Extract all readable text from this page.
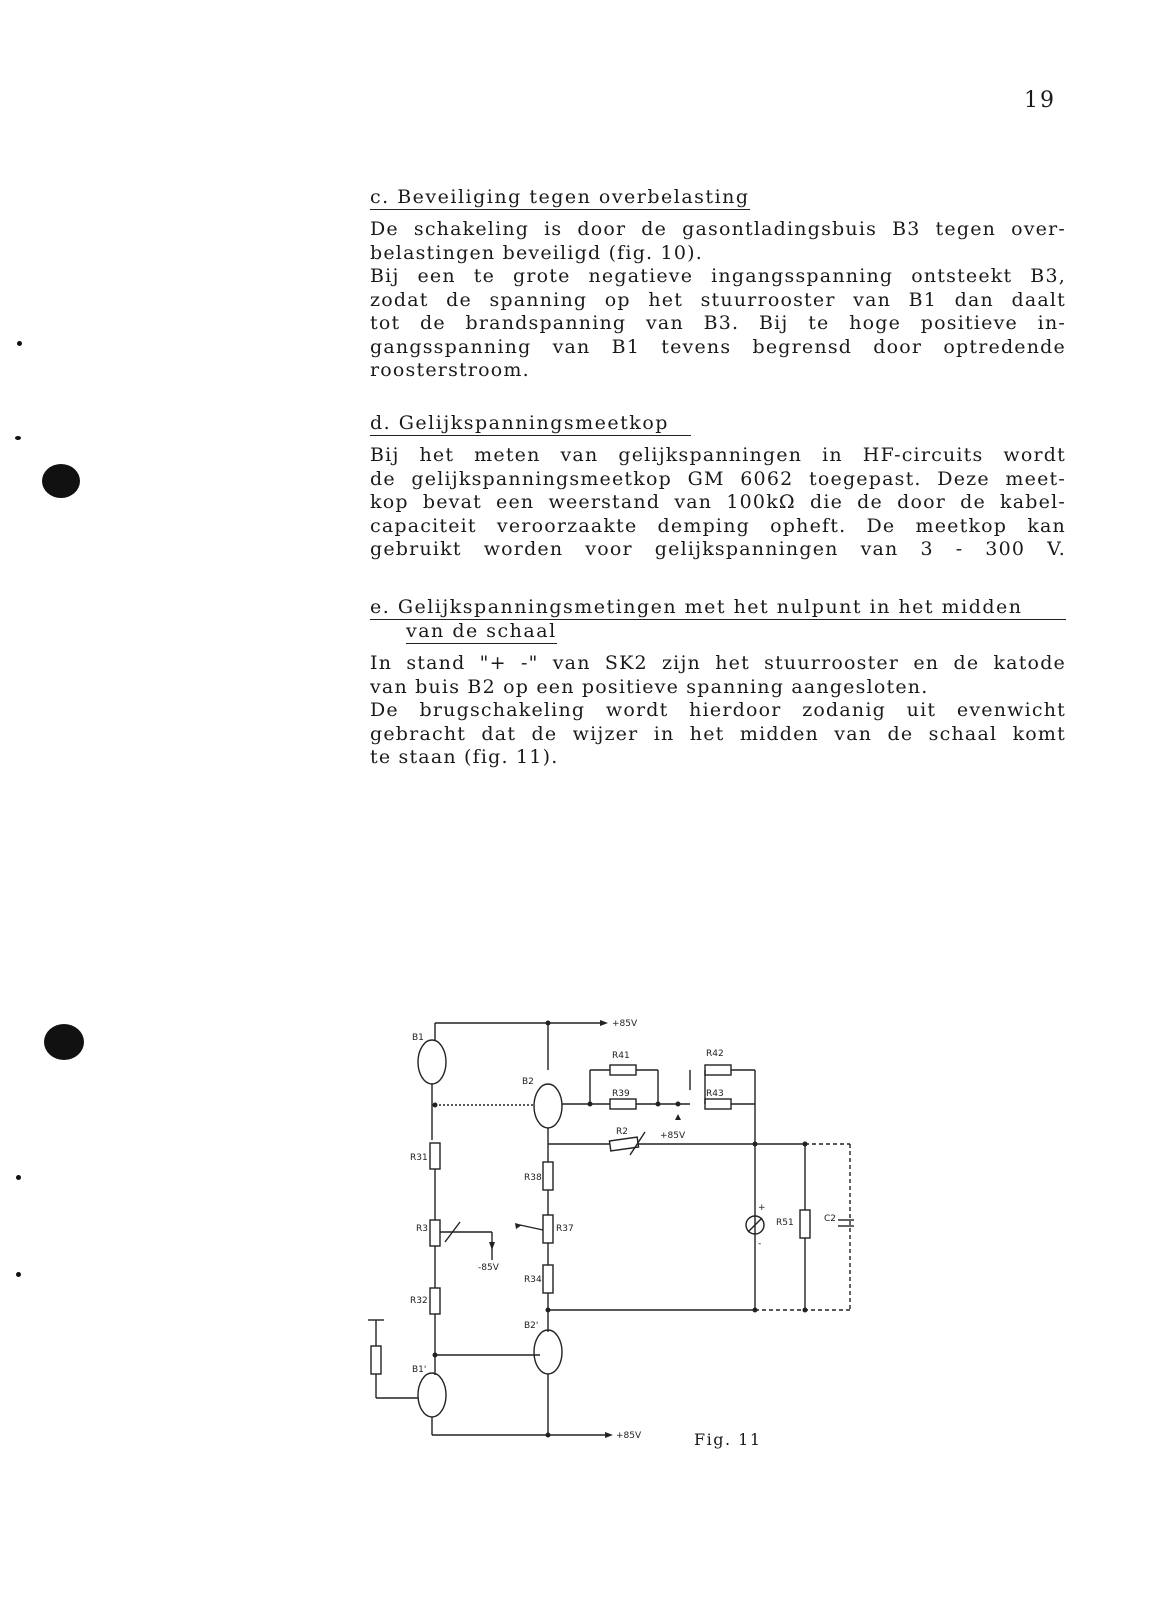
19
c. Beveiliging tegen overbelasting
De schakeling is door de gasontladingsbuis B3 tegen over-
belastingen beveiligd (fig. 10).
Bij een te grote negatieve ingangsspanning ontsteekt B3,
zodat de spanning op het stuurrooster van B1 dan daalt
tot de brandspanning van B3. Bij te hoge positieve in-
gangsspanning van B1 tevens begrensd door optredende
roosterstroom.
d. Gelijkspanningsmeetkop
Bij het meten van gelijkspanningen in HF-circuits wordt
de gelijkspanningsmeetkop GM 6062 toegepast. Deze meet-
kop bevat een weerstand van 100kΩ die de door de kabel-
capaciteit veroorzaakte demping opheft. De meetkop kan
gebruikt worden voor gelijkspanningen van 3 - 300 V.
e. Gelijkspanningsmetingen met het nulpunt in het midden
van de schaal
In stand "+ -" van SK2 zijn het stuurrooster en de katode
van buis B2 op een positieve spanning aangesloten.
De brugschakeling wordt hierdoor zodanig uit evenwicht
gebracht dat de wijzer in het midden van de schaal komt
te staan (fig. 11).
+85V
+85V
+85V
-85V
B1
B1'
B2
B2'
R41	R42
R39	R43
R2
R31
R38
R3	R37
R34
R32
R51	C2
+
-
Fig. 11
